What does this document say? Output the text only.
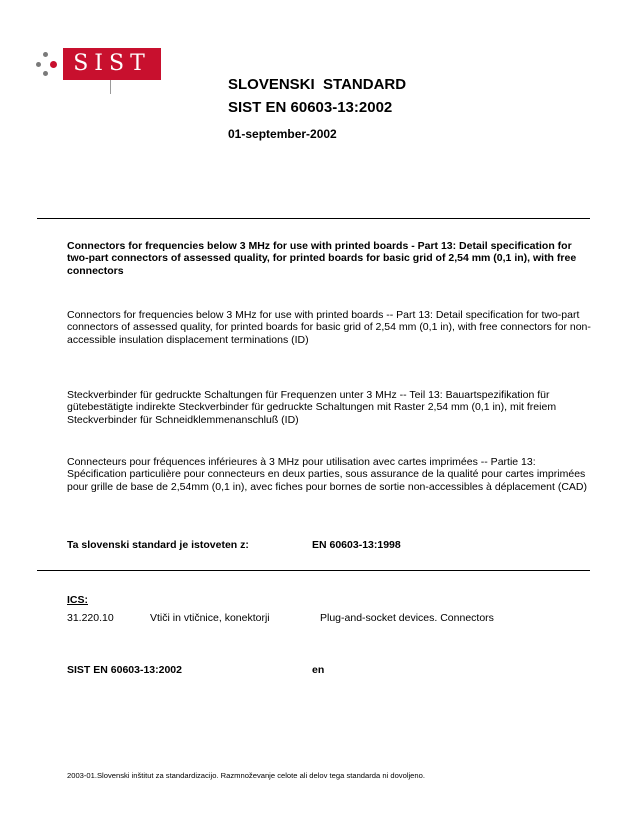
SIST
SLOVENSKI  STANDARD
SIST EN 60603-13:2002
01-september-2002
Connectors for frequencies below 3 MHz for use with printed boards - Part 13: Detail specification for two-part connectors of assessed quality, for printed boards for basic grid of 2,54 mm (0,1 in), with free connectors
Connectors for frequencies below 3 MHz for use with printed boards -- Part 13: Detail specification for two-part connectors of assessed quality, for printed boards for basic grid of 2,54 mm (0,1 in), with free connectors for non-accessible insulation displacement terminations (ID)
Steckverbinder für gedruckte Schaltungen für Frequenzen unter 3 MHz -- Teil 13: Bauartspezifikation für gütebestätigte indirekte Steckverbinder für gedruckte Schaltungen mit Raster 2,54 mm (0,1 in), mit freiem Steckverbinder für Schneidklemmenanschluß (ID)
Connecteurs pour fréquences inférieures à 3 MHz pour utilisation avec cartes imprimées -- Partie 13: Spécification particulière pour connecteurs en deux parties, sous assurance de la qualité pour cartes imprimées pour grille de base de 2,54mm (0,1 in), avec fiches pour bornes de sortie non-accessibles à déplacement (CAD)
Ta slovenski standard je istoveten z:	EN 60603-13:1998
ICS:
31.220.10	Vtiči in vtičnice, konektorji	Plug-and-socket devices. Connectors
SIST EN 60603-13:2002	en
2003-01.Slovenski inštitut za standardizacijo. Razmnoževanje celote ali delov tega standarda ni dovoljeno.
